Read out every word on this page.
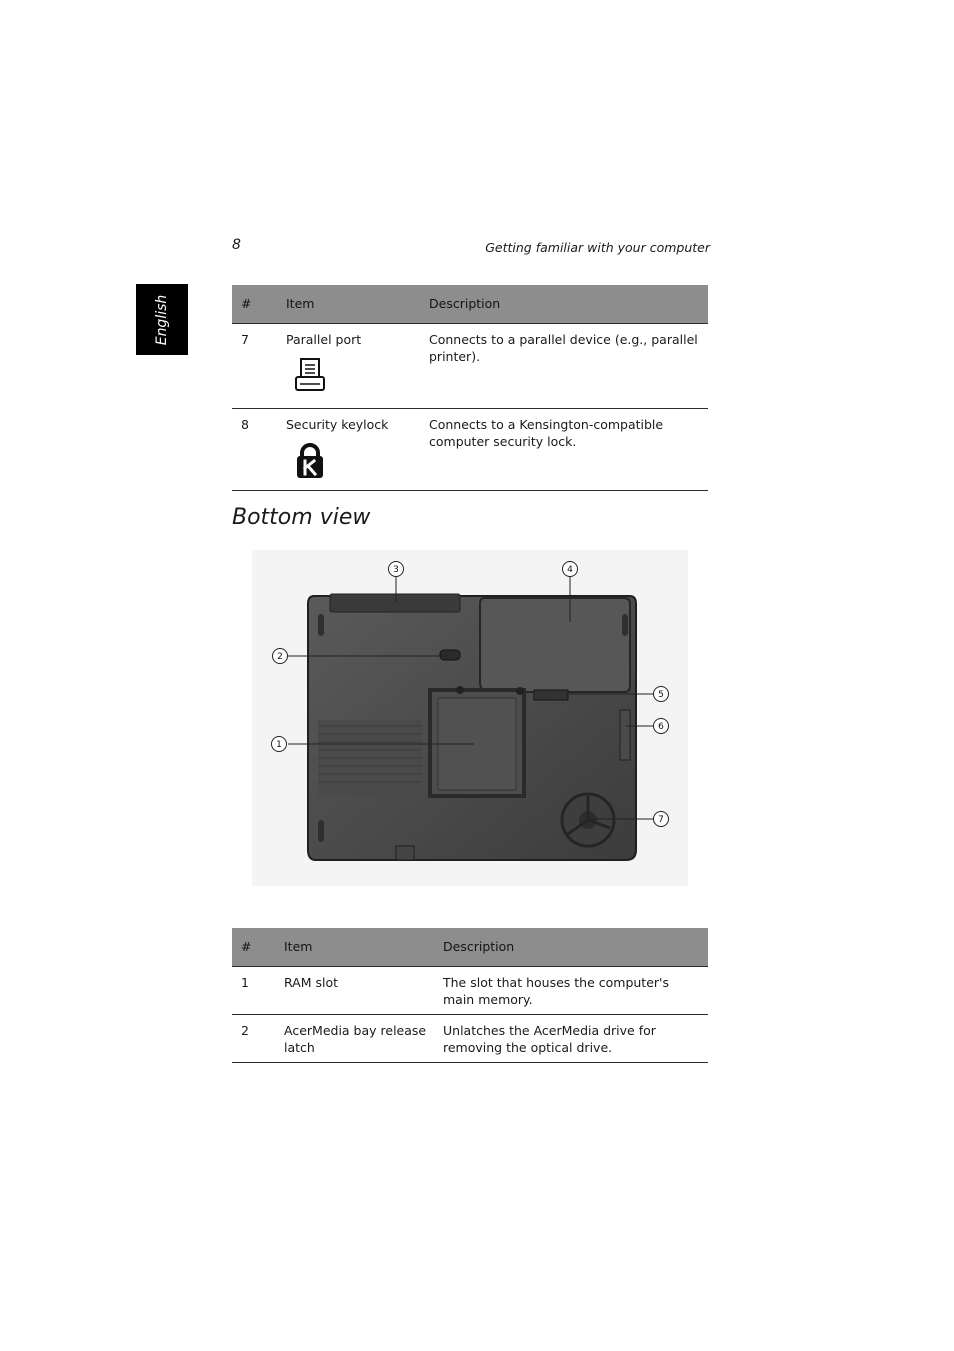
8	Getting familiar with your computer
English	#	Item	Description
7	Parallel port	Connects to a parallel device (e.g., parallel printer).
8	Security keylock	Connects to a Kensington-compatible computer security lock.
Bottom view
1
2
3	4
5
6
7
#	Item	Description
1	RAM slot	The slot that houses the computer's main memory.
2	AcerMedia bay release latch	Unlatches the AcerMedia drive for removing the optical drive.
